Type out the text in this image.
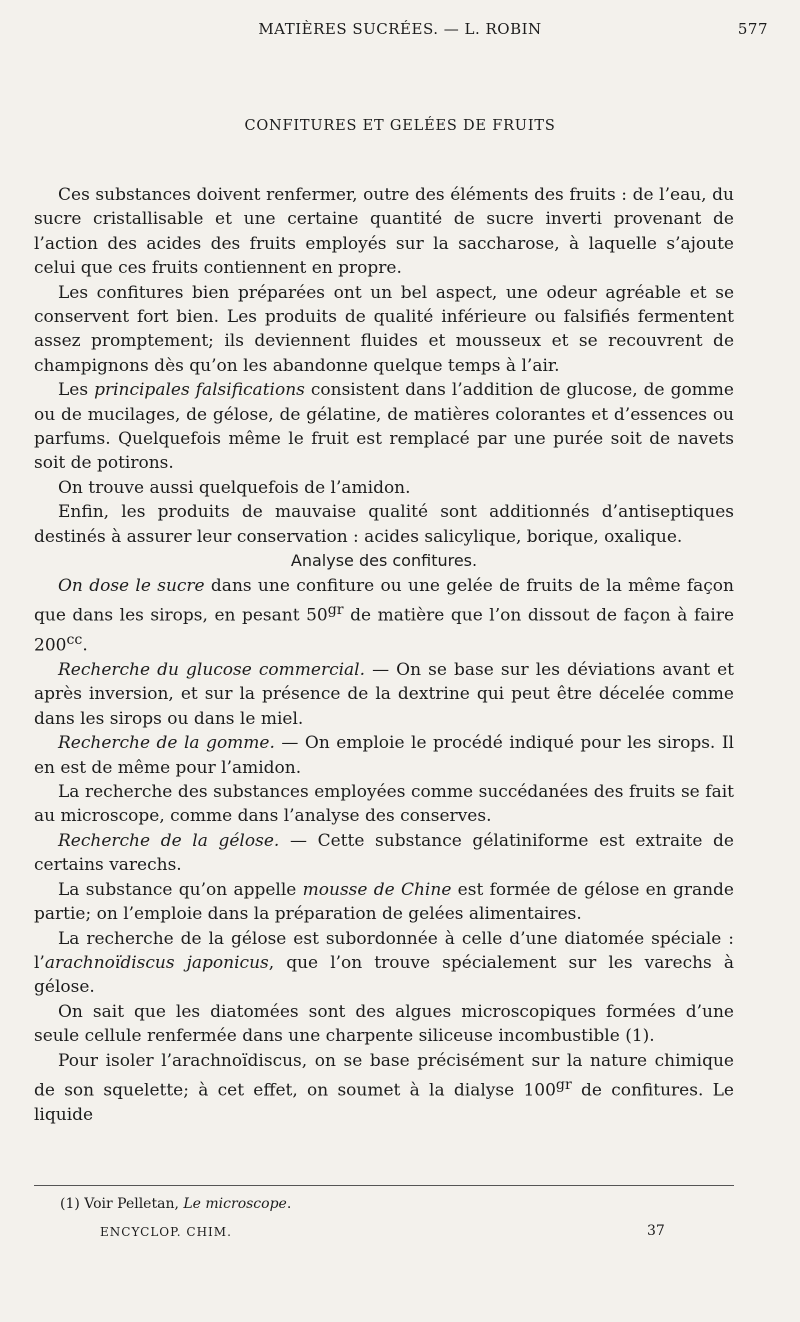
MATIÈRES SUCRÉES. — L. ROBIN	577
CONFITURES ET GELÉES DE FRUITS

Ces substances doivent renfermer, outre des éléments des fruits : de l’eau, du sucre cristallisable et une certaine quantité de sucre inverti provenant de l’action des acides des fruits employés sur la saccharose, à laquelle s’ajoute celui que ces fruits contiennent en propre.

Les confitures bien préparées ont un bel aspect, une odeur agréable et se conservent fort bien. Les produits de qualité inférieure ou falsifiés fermentent assez promptement; ils deviennent fluides et mousseux et se recouvrent de champignons dès qu’on les abandonne quelque temps à l’air.

Les principales falsifications consistent dans l’addition de glucose, de gomme ou de mucilages, de gélose, de gélatine, de matières colorantes et d’essences ou parfums. Quelquefois même le fruit est remplacé par une purée soit de navets soit de potirons.

On trouve aussi quelquefois de l’amidon.

Enfin, les produits de mauvaise qualité sont additionnés d’antiseptiques destinés à assurer leur conservation : acides salicylique, borique, oxalique.

Analyse des confitures.

On dose le sucre dans une confiture ou une gelée de fruits de la même façon que dans les sirops, en pesant $50^{gr}$ de matière que l’on dissout de façon à faire $200^{cc}$.

Recherche du glucose commercial. — On se base sur les déviations avant et après inversion, et sur la présence de la dextrine qui peut être décelée comme dans les sirops ou dans le miel.

Recherche de la gomme. — On emploie le procédé indiqué pour les sirops. Il en est de même pour l’amidon.

La recherche des substances employées comme succédanées des fruits se fait au microscope, comme dans l’analyse des conserves.

Recherche de la gélose. — Cette substance gélatiniforme est extraite de certains varechs.

La substance qu’on appelle mousse de Chine est formée de gélose en grande partie; on l’emploie dans la préparation de gelées alimentaires.

La recherche de la gélose est subordonnée à celle d’une diatomée spéciale : l’arachnoïdiscus japonicus, que l’on trouve spécialement sur les varechs à gélose.

On sait que les diatomées sont des algues microscopiques formées d’une seule cellule renfermée dans une charpente siliceuse incombustible (1).

Pour isoler l’arachnoïdiscus, on se base précisément sur la nature chimique de son squelette; à cet effet, on soumet à la dialyse $100^{gr}$ de confitures. Le liquide

(1) Voir Pelletan, Le microscope.
ENCYCLOP. CHIM.	37
